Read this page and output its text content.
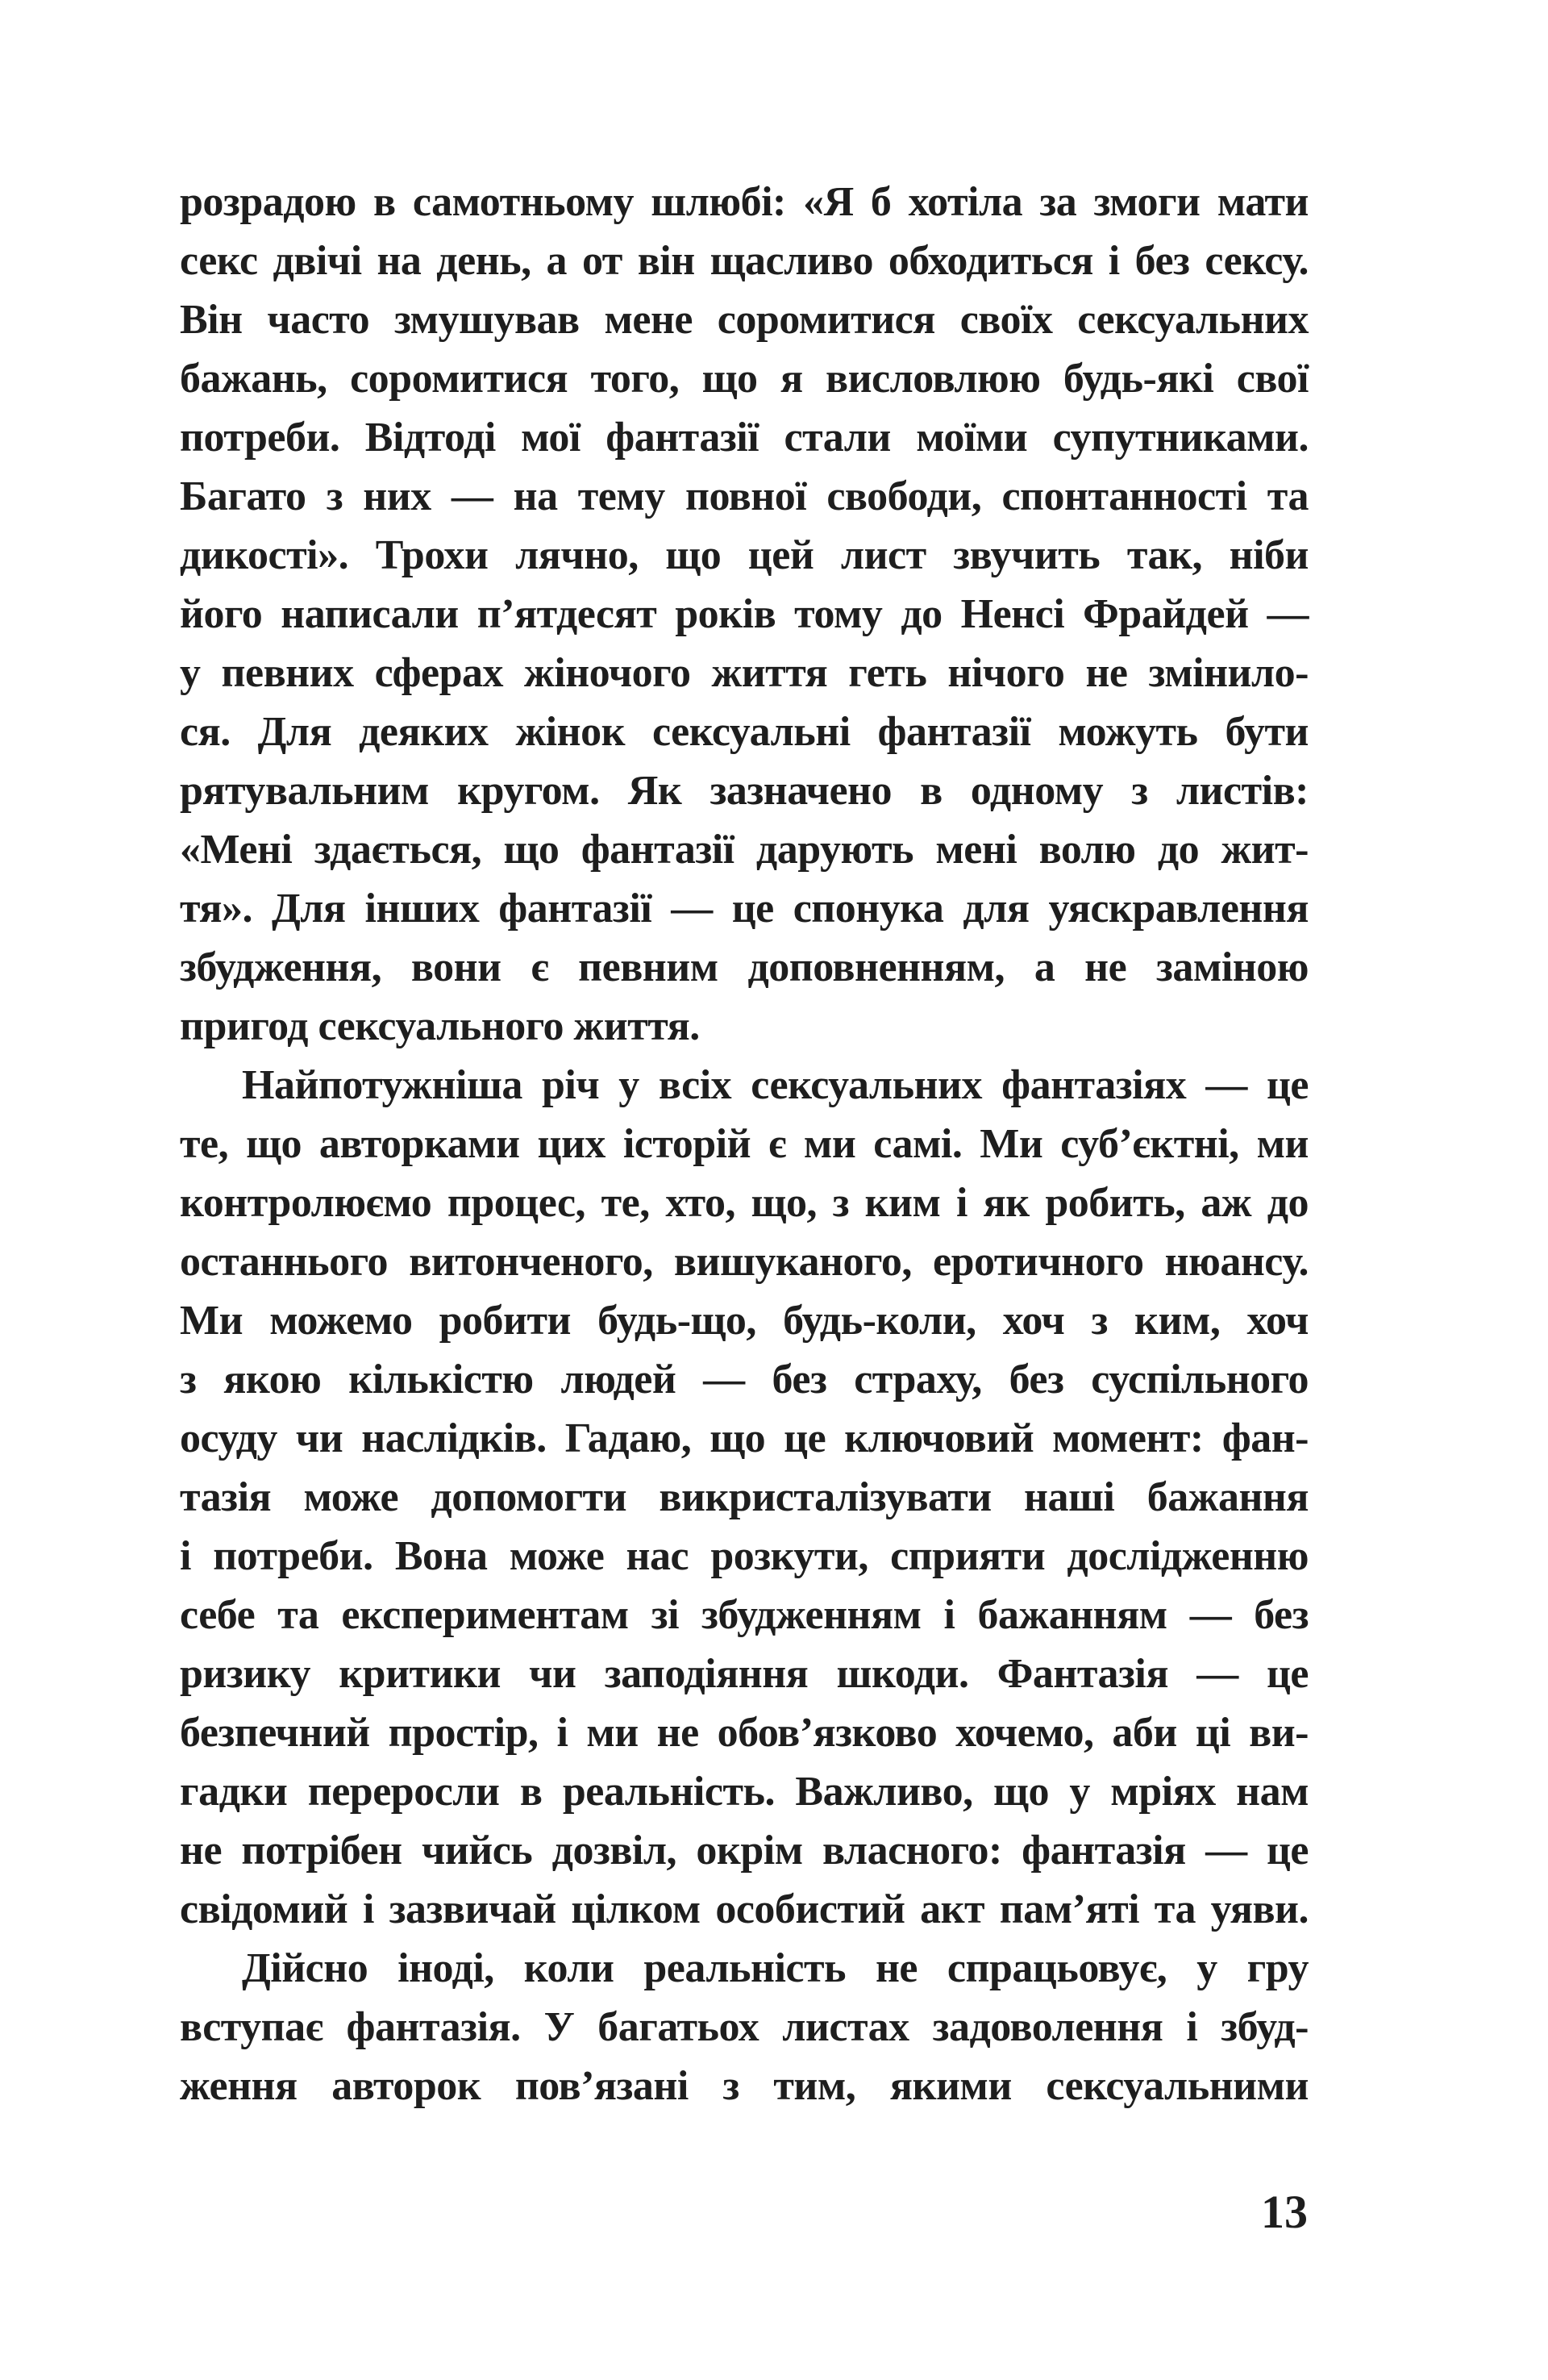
розрадою в самотньому шлюбі: «Я б хотіла за змоги мати
секс двічі на день, а от він щасливо обходиться і без сексу.
Він часто змушував мене соромитися своїх сексуальних
бажань, соромитися того, що я висловлюю будь-які свої
потреби. Відтоді мої фантазії стали моїми супутниками.
Багато з них — на тему повної свободи, спонтанності та
дикості». Трохи лячно, що цей лист звучить так, ніби
його написали п’ятдесят років тому до Ненсі Фрайдей —
у певних сферах жіночого життя геть нічого не змінило-
ся. Для деяких жінок сексуальні фантазії можуть бути
рятувальним кругом. Як зазначено в одному з листів:
«Мені здається, що фантазії дарують мені волю до жит-
тя». Для інших фантазії — це спонука для уяскравлення
збудження, вони є певним доповненням, а не заміною
пригод сексуального життя.
Найпотужніша річ у всіх сексуальних фантазіях — це
те, що авторками цих історій є ми самі. Ми суб’єктні, ми
контролюємо процес, те, хто, що, з ким і як робить, аж до
останнього витонченого, вишуканого, еротичного нюансу.
Ми можемо робити будь-що, будь-коли, хоч з ким, хоч
з якою кількістю людей — без страху, без суспільного
осуду чи наслідків. Гадаю, що це ключовий момент: фан-
тазія може допомогти викристалізувати наші бажання
і потреби. Вона може нас розкути, сприяти дослідженню
себе та експериментам зі збудженням і бажанням — без
ризику критики чи заподіяння шкоди. Фантазія — це
безпечний простір, і ми не обов’язково хочемо, аби ці ви-
гадки переросли в реальність. Важливо, що у мріях нам
не потрібен чийсь дозвіл, окрім власного: фантазія — це
свідомий і зазвичай цілком особистий акт пам’яті та уяви.
Дійсно іноді, коли реальність не спрацьовує, у гру
вступає фантазія. У багатьох листах задоволення і збуд-
ження авторок пов’язані з тим, якими сексуальними
13
